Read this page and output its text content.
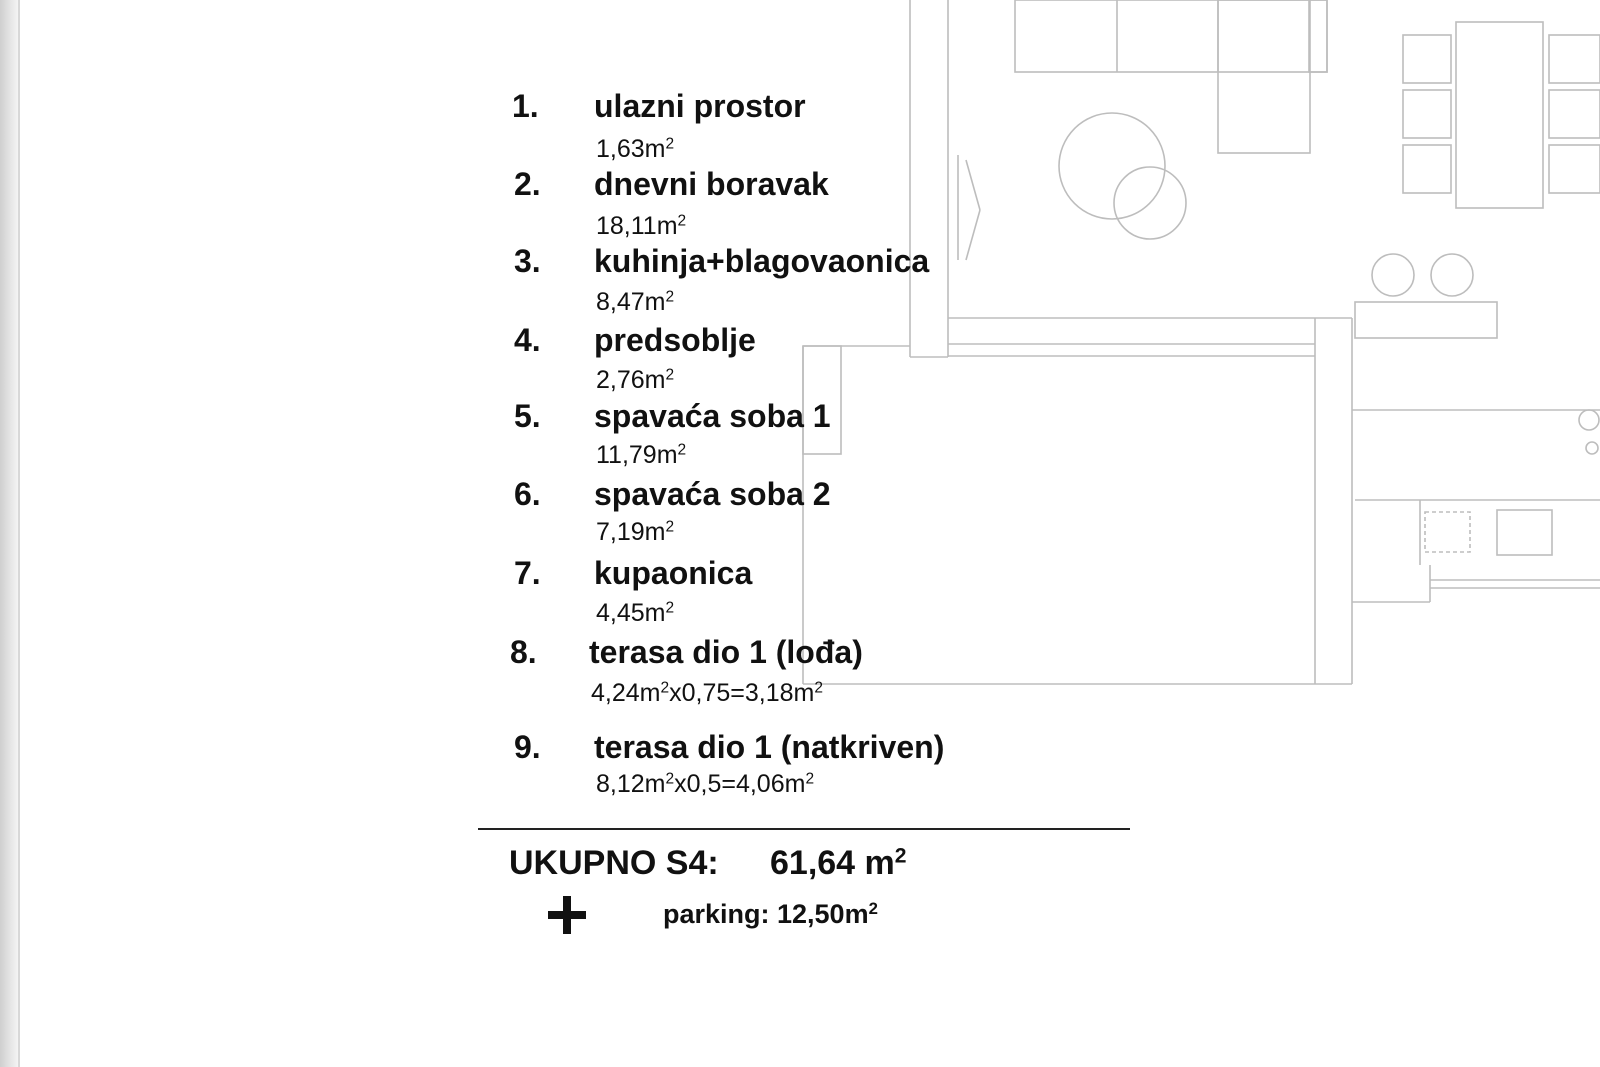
1. ulazni prostor
$1,63m^2$
2. dnevni boravak
$18,11m^2$
3. kuhinja+blagovaonica
$8,47m^2$
4. predsoblje
$2,76m^2$
5. spavaća soba 1
$11,79m^2$
6. spavaća soba 2
$7,19m^2$
7. kupaonica
$4,45m^2$
8. terasa dio 1 (lođa)
$4,24m^2x0,75=3,18m^2$
9. terasa dio 1 (natkriven)
$8,12m^2x0,5=4,06m^2$
UKUPNO S4: 61,64 $m^2$
parking: $12,50m^2$
